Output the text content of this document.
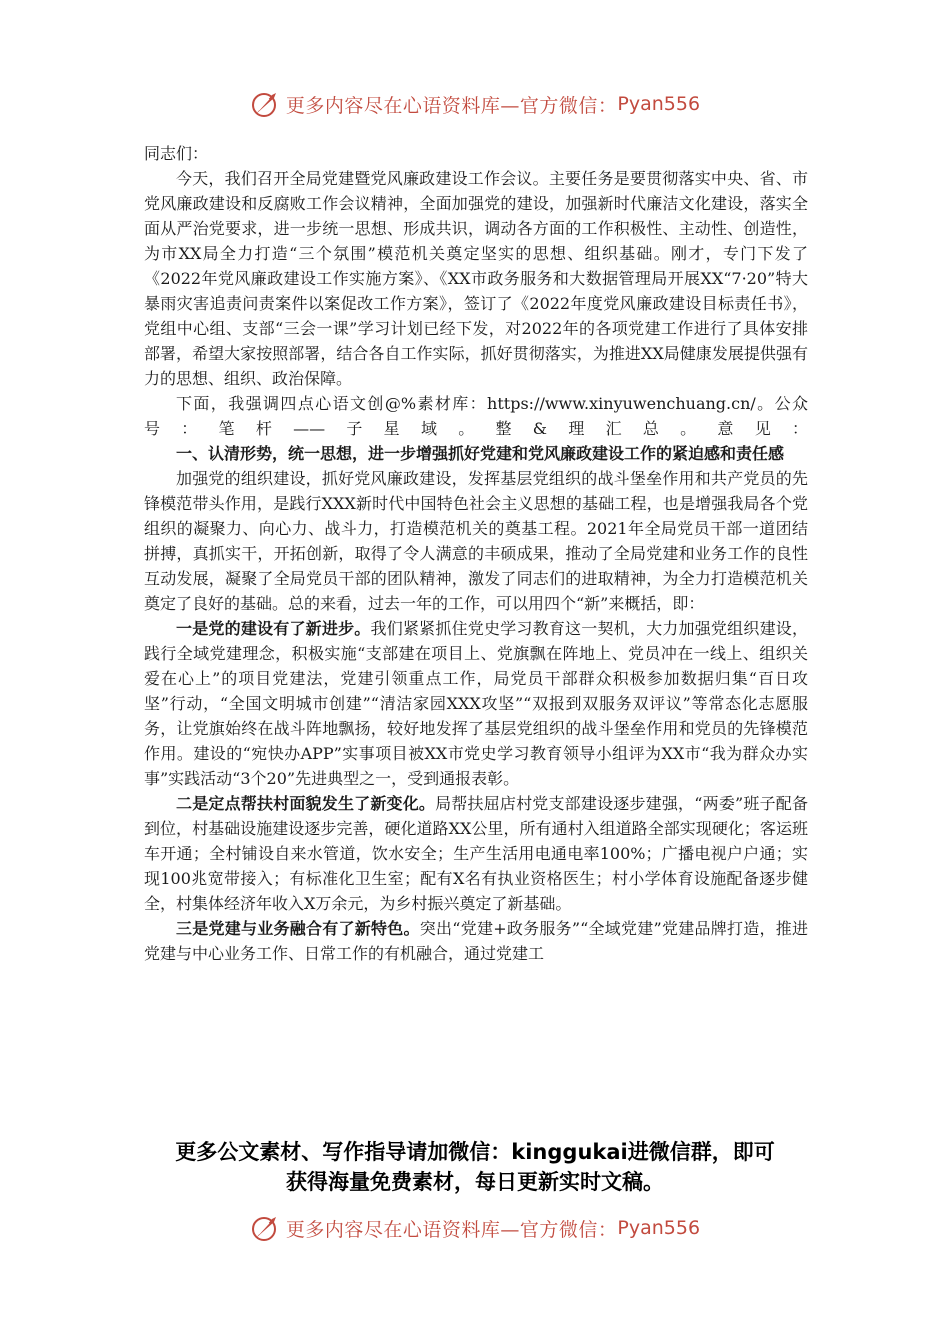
更多内容尽在心语资料库—官方微信： Pyan556

同志们：

今天，我们召开全局党建暨党风廉政建设工作会议。主要任务是要贯彻落实中央、省、市党风廉政建设和反腐败工作会议精神，全面加强党的建设，加强新时代廉洁文化建设，落实全面从严治党要求，进一步统一思想、形成共识，调动各方面的工作积极性、主动性、创造性，为市XX局全力打造“三个氛围”模范机关奠定坚实的思想、组织基础。刚才，专门下发了《2022年党风廉政建设工作实施方案》、《XX市政务服务和大数据管理局开展XX“7·20”特大暴雨灾害追责问责案件以案促改工作方案》，签订了《2022年度党风廉政建设目标责任书》，党组中心组、支部“三会一课”学习计划已经下发，对2022年的各项党建工作进行了具体安排部署，希望大家按照部署，结合各自工作实际，抓好贯彻落实，为推进XX局健康发展提供强有力的思想、组织、政治保障。

下面，我强调四点心语文创@%素材库：https://www.xinyuwenchuang.cn/。公众号：笔杆——子星域。整&理汇总。意见：

一、认清形势，统一思想，进一步增强抓好党建和党风廉政建设工作的紧迫感和责任感

加强党的组织建设，抓好党风廉政建设，发挥基层党组织的战斗堡垒作用和共产党员的先锋模范带头作用，是践行XXX新时代中国特色社会主义思想的基础工程，也是增强我局各个党组织的凝聚力、向心力、战斗力，打造模范机关的奠基工程。2021年全局党员干部一道团结拼搏，真抓实干，开拓创新，取得了令人满意的丰硕成果，推动了全局党建和业务工作的良性互动发展，凝聚了全局党员干部的团队精神，激发了同志们的进取精神，为全力打造模范机关奠定了良好的基础。总的来看，过去一年的工作，可以用四个“新”来概括，即：

一是党的建设有了新进步。我们紧紧抓住党史学习教育这一契机，大力加强党组织建设，践行全域党建理念，积极实施“支部建在项目上、党旗飘在阵地上、党员冲在一线上、组织关爱在心上”的项目党建法，党建引领重点工作，局党员干部群众积极参加数据归集“百日攻坚”行动，“全国文明城市创建”“清洁家园XXX攻坚”“双报到双服务双评议”等常态化志愿服务，让党旗始终在战斗阵地飘扬，较好地发挥了基层党组织的战斗堡垒作用和党员的先锋模范作用。建设的“宛快办APP”实事项目被XX市党史学习教育领导小组评为XX市“我为群众办实事”实践活动“3个20”先进典型之一，受到通报表彰。

二是定点帮扶村面貌发生了新变化。局帮扶屈店村党支部建设逐步建强，“两委”班子配备到位，村基础设施建设逐步完善，硬化道路XX公里，所有通村入组道路全部实现硬化；客运班车开通；全村铺设自来水管道，饮水安全；生产生活用电通电率100%；广播电视户户通；实现100兆宽带接入；有标准化卫生室；配有X名有执业资格医生；村小学体育设施配备逐步健全，村集体经济年收入X万余元，为乡村振兴奠定了新基础。

三是党建与业务融合有了新特色。突出“党建+政务服务”“全域党建”党建品牌打造，推进党建与中心业务工作、日常工作的有机融合，通过党建工

更多公文素材、写作指导请加微信：kinggukai进微信群，即可
获得海量免费素材，每日更新实时文稿。
更多内容尽在心语资料库—官方微信： Pyan556
